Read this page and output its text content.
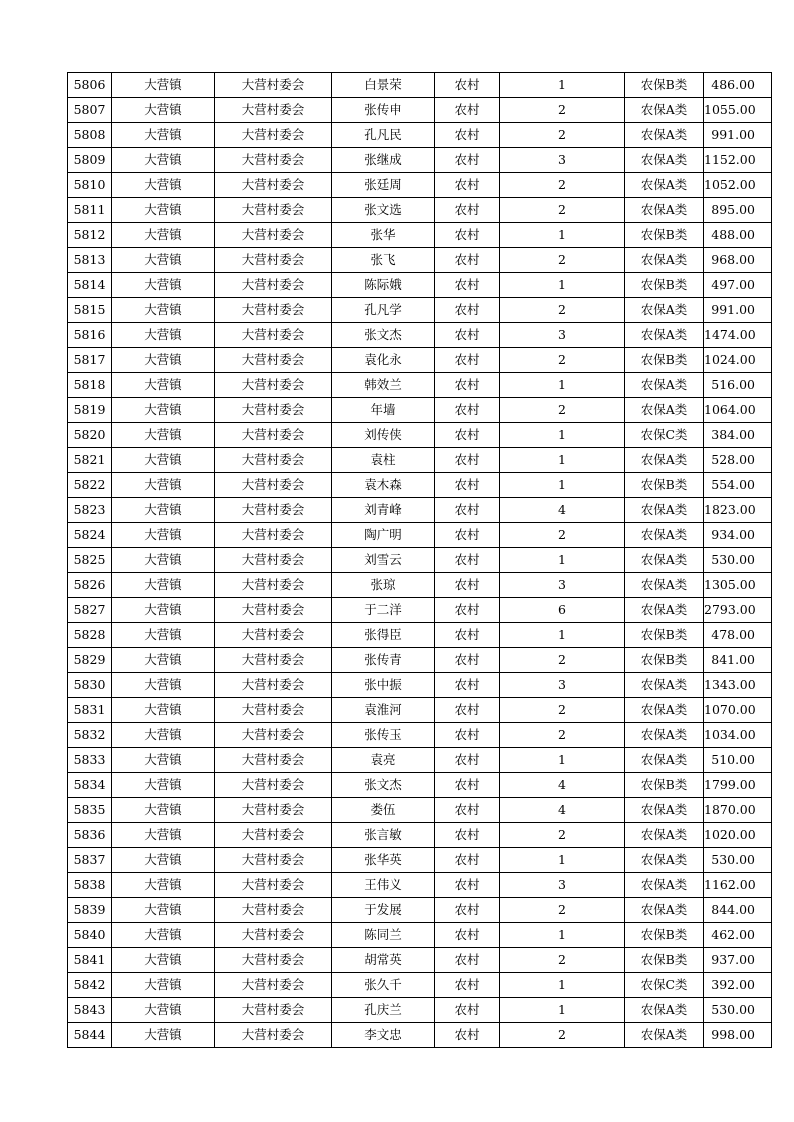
5806	大营镇	大营村委会	白景荣	农村	1	农保B类	486.00
5807	大营镇	大营村委会	张传申	农村	2	农保A类	1055.00
5808	大营镇	大营村委会	孔凡民	农村	2	农保A类	991.00
5809	大营镇	大营村委会	张继成	农村	3	农保A类	1152.00
5810	大营镇	大营村委会	张廷周	农村	2	农保A类	1052.00
5811	大营镇	大营村委会	张文选	农村	2	农保A类	895.00
5812	大营镇	大营村委会	张华	农村	1	农保B类	488.00
5813	大营镇	大营村委会	张飞	农村	2	农保A类	968.00
5814	大营镇	大营村委会	陈际娥	农村	1	农保B类	497.00
5815	大营镇	大营村委会	孔凡学	农村	2	农保A类	991.00
5816	大营镇	大营村委会	张文杰	农村	3	农保A类	1474.00
5817	大营镇	大营村委会	袁化永	农村	2	农保B类	1024.00
5818	大营镇	大营村委会	韩效兰	农村	1	农保A类	516.00
5819	大营镇	大营村委会	年墙	农村	2	农保A类	1064.00
5820	大营镇	大营村委会	刘传侠	农村	1	农保C类	384.00
5821	大营镇	大营村委会	袁柱	农村	1	农保A类	528.00
5822	大营镇	大营村委会	袁木森	农村	1	农保B类	554.00
5823	大营镇	大营村委会	刘青峰	农村	4	农保A类	1823.00
5824	大营镇	大营村委会	陶广明	农村	2	农保A类	934.00
5825	大营镇	大营村委会	刘雪云	农村	1	农保A类	530.00
5826	大营镇	大营村委会	张琼	农村	3	农保A类	1305.00
5827	大营镇	大营村委会	于二洋	农村	6	农保A类	2793.00
5828	大营镇	大营村委会	张得臣	农村	1	农保B类	478.00
5829	大营镇	大营村委会	张传青	农村	2	农保B类	841.00
5830	大营镇	大营村委会	张中振	农村	3	农保A类	1343.00
5831	大营镇	大营村委会	袁淮河	农村	2	农保A类	1070.00
5832	大营镇	大营村委会	张传玉	农村	2	农保A类	1034.00
5833	大营镇	大营村委会	袁亮	农村	1	农保A类	510.00
5834	大营镇	大营村委会	张文杰	农村	4	农保B类	1799.00
5835	大营镇	大营村委会	娄伍	农村	4	农保A类	1870.00
5836	大营镇	大营村委会	张言敏	农村	2	农保A类	1020.00
5837	大营镇	大营村委会	张华英	农村	1	农保A类	530.00
5838	大营镇	大营村委会	王伟义	农村	3	农保A类	1162.00
5839	大营镇	大营村委会	于发展	农村	2	农保A类	844.00
5840	大营镇	大营村委会	陈同兰	农村	1	农保B类	462.00
5841	大营镇	大营村委会	胡常英	农村	2	农保B类	937.00
5842	大营镇	大营村委会	张久千	农村	1	农保C类	392.00
5843	大营镇	大营村委会	孔庆兰	农村	1	农保A类	530.00
5844	大营镇	大营村委会	李文忠	农村	2	农保A类	998.00
